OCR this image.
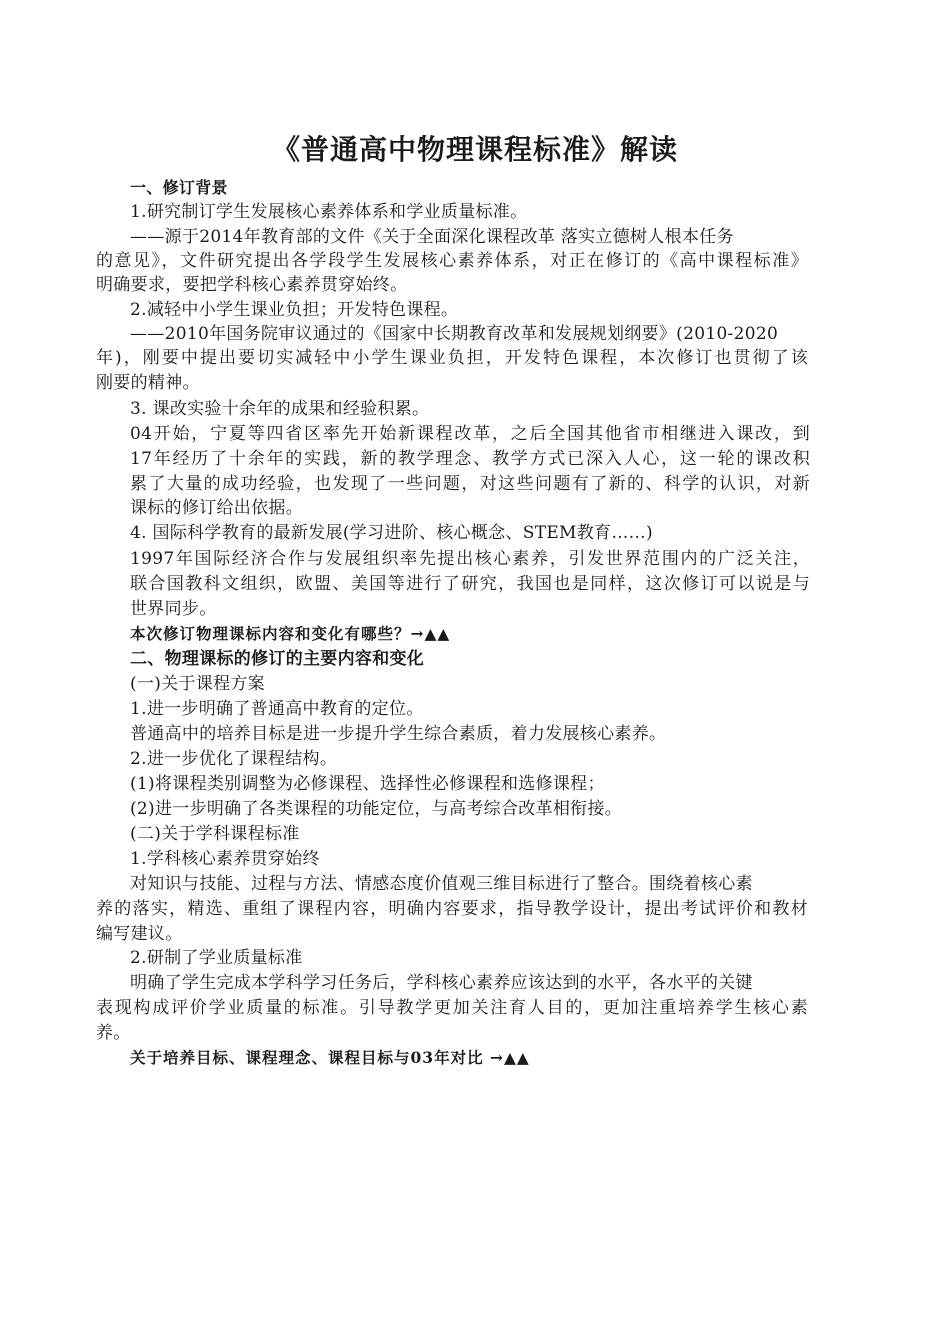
《普通高中物理课程标准》解读
一、修订背景
1.研究制订学生发展核心素养体系和学业质量标准。
——源于2014年教育部的文件《关于全面深化课程改革 落实立德树人根本任务
的意见》，文件研究提出各学段学生发展核心素养体系，对正在修订的《高中课程标准》
明确要求，要把学科核心素养贯穿始终。
2.减轻中小学生课业负担；开发特色课程。
——2010年国务院审议通过的《国家中长期教育改革和发展规划纲要》(2010-2020
年)，刚要中提出要切实减轻中小学生课业负担，开发特色课程，本次修订也贯彻了该
刚要的精神。
3. 课改实验十余年的成果和经验积累。
04开始，宁夏等四省区率先开始新课程改革，之后全国其他省市相继进入课改，到
17年经历了十余年的实践，新的教学理念、教学方式已深入人心，这一轮的课改积
累了大量的成功经验，也发现了一些问题，对这些问题有了新的、科学的认识，对新
课标的修订给出依据。
4. 国际科学教育的最新发展(学习进阶、核心概念、STEM教育……)
1997年国际经济合作与发展组织率先提出核心素养，引发世界范围内的广泛关注，
联合国教科文组织，欧盟、美国等进行了研究，我国也是同样，这次修订可以说是与
世界同步。
本次修订物理课标内容和变化有哪些？→▲▲
二、物理课标的修订的主要内容和变化
(一)关于课程方案
1.进一步明确了普通高中教育的定位。
普通高中的培养目标是进一步提升学生综合素质，着力发展核心素养。
2.进一步优化了课程结构。
(1)将课程类别调整为必修课程、选择性必修课程和选修课程；
(2)进一步明确了各类课程的功能定位，与高考综合改革相衔接。
(二)关于学科课程标准
1.学科核心素养贯穿始终
对知识与技能、过程与方法、情感态度价值观三维目标进行了整合。围绕着核心素
养的落实，精选、重组了课程内容，明确内容要求，指导教学设计，提出考试评价和教材
编写建议。
2.研制了学业质量标准
明确了学生完成本学科学习任务后，学科核心素养应该达到的水平，各水平的关键
表现构成评价学业质量的标准。引导教学更加关注育人目的，更加注重培养学生核心素
养。
关于培养目标、课程理念、课程目标与03年对比 →▲▲
